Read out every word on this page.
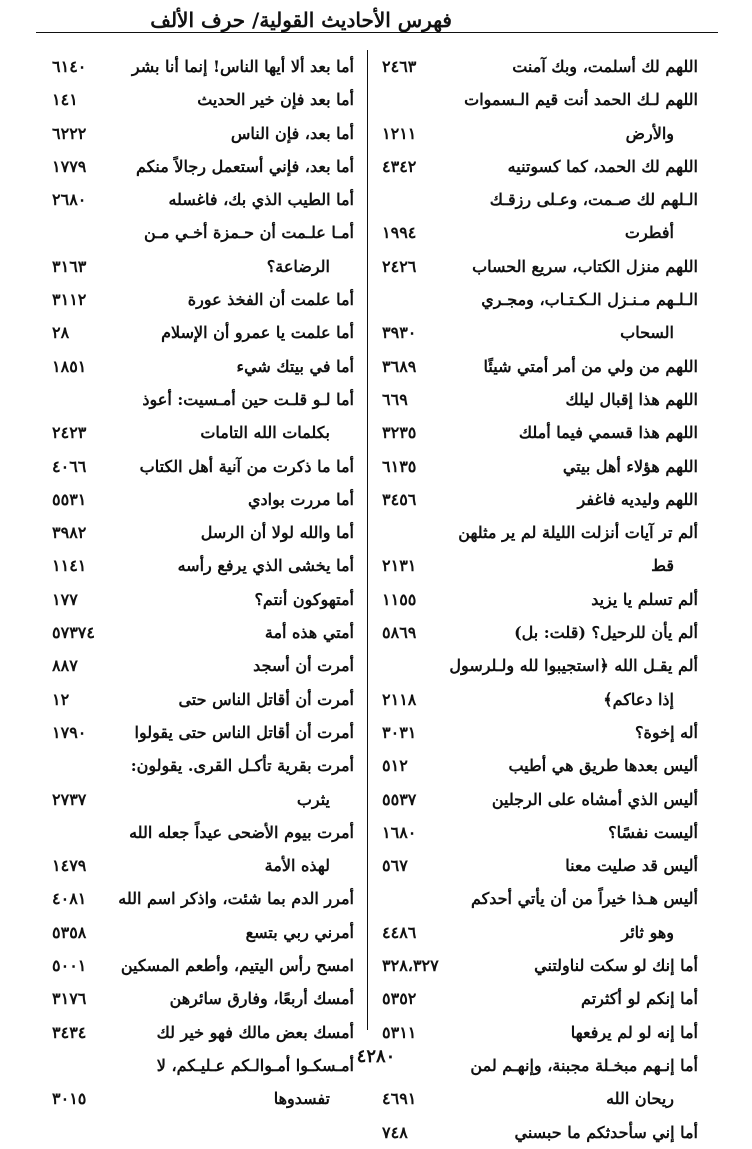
فهرس الأحاديث القولية/ حرف الألف
اللهم لك أسلمت، وبك آمنت
٢٤٦٣
اللهم لـك الحمد أنت قيم الـسموات
والأرض
١٢١١
اللهم لك الحمد، كما كسوتنيه
٤٣٤٢
الـلهم لك صـمت، وعـلى رزقـك
أفطرت
١٩٩٤
اللهم منزل الكتاب، سريع الحساب
٢٤٢٦
الـلـهم مـنـزل الـكـتـاب، ومجـري
السحاب
٣٩٣٠
اللهم من ولي من أمر أمتي شيئًا
٣٦٨٩
اللهم هذا إقبال ليلك
٦٦٩
اللهم هذا قسمي فيما أملك
٣٢٣٥
اللهم هؤلاء أهل بيتي
٦١٣٥
اللهم وليديه فاغفر
٣٤٥٦
ألم تر آيات أنزلت الليلة لم ير مثلهن
قط
٢١٣١
ألم تسلم يا يزيد
١١٥٥
ألم يأن للرحيل؟ (قلت: بل)
٥٨٦٩
ألم يقـل الله ﴿استجيبوا لله ولـلرسول
إذا دعاكم﴾
٢١١٨
أله إخوة؟
٣٠٣١
أليس بعدها طريق هي أطيب
٥١٢
أليس الذي أمشاه على الرجلين
٥٥٣٧
أليست نفسًا؟
١٦٨٠
أليس قد صليت معنا
٥٦٧
أليس هـذا خيراً من أن يأتي أحدكم
وهو ثائر
٤٤٨٦
أما إنك لو سكت لناولتني
٣٢٨،٣٢٧
أما إنكم لو أكثرتم
٥٣٥٢
أما إنه لو لم يرفعها
٥٣١١
أما إنـهم مبخـلة مجبنة، وإنهـم لمن
ريحان الله
٤٦٩١
أما إني سأحدثكم ما حبسني
٧٤٨
أما بعد ألا أيها الناس! إنما أنا بشر
٦١٤٠
أما بعد فإن خير الحديث
١٤١
أما بعد، فإن الناس
٦٢٢٢
أما بعد، فإني أستعمل رجالاً منكم
١٧٧٩
أما الطيب الذي بك، فاغسله
٢٦٨٠
أمـا علـمت أن حـمزة أخـي مـن
الرضاعة؟
٣١٦٣
أما علمت أن الفخذ عورة
٣١١٢
أما علمت يا عمرو أن الإسلام
٢٨
أما في بيتك شيء
١٨٥١
أما لـو قلـت حين أمـسيت: أعوذ
بكلمات الله التامات
٢٤٢٣
أما ما ذكرت من آنية أهل الكتاب
٤٠٦٦
أما مررت بوادي
٥٥٣١
أما والله لولا أن الرسل
٣٩٨٢
أما يخشى الذي يرفع رأسه
١١٤١
أمتهوكون أنتم؟
١٧٧
أمتي هذه أمة
٥٧٣٧٤
أمرت أن أسجد
٨٨٧
أمرت أن أقاتل الناس حتى
١٢
أمرت أن أقاتل الناس حتى يقولوا
١٧٩٠
أمرت بقرية تأكـل القرى. يقولون:
يثرب
٢٧٣٧
أمرت بيوم الأضحى عيداً جعله الله
لهذه الأمة
١٤٧٩
أمرر الدم بما شئت، واذكر اسم الله
٤٠٨١
أمرني ربي بتسع
٥٣٥٨
امسح رأس اليتيم، وأطعم المسكين
٥٠٠١
أمسك أربعًا، وفارق سائرهن
٣١٧٦
أمسك بعض مالك فهو خير لك
٣٤٣٤
أمـسكـوا أمـوالـكم عـليـكم، لا
تفسدوها
٣٠١٥
٤٢٨٠
